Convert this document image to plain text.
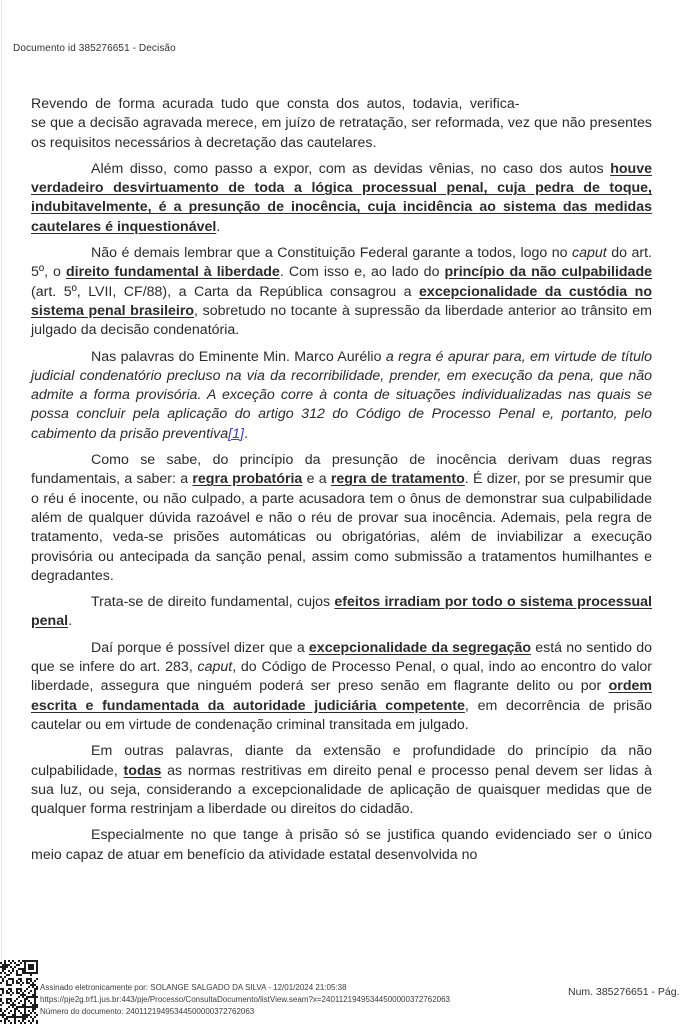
Documento id 385276651 - Decisão

Revendo de forma acurada tudo que consta dos autos, todavia, verifica-
se que a decisão agravada merece, em juízo de retratação, ser reformada, vez que não presentes os requisitos necessários à decretação das cautelares.

Além disso, como passo a expor, com as devidas vênias, no caso dos autos houve verdadeiro desvirtuamento de toda a lógica processual penal, cuja pedra de toque, indubitavelmente, é a presunção de inocência, cuja incidência ao sistema das medidas cautelares é inquestionável.

Não é demais lembrar que a Constituição Federal garante a todos, logo no caput do art. 5º, o direito fundamental à liberdade. Com isso e, ao lado do princípio da não culpabilidade (art. 5º, LVII, CF/88), a Carta da República consagrou a excepcionalidade da custódia no sistema penal brasileiro, sobretudo no tocante à supressão da liberdade anterior ao trânsito em julgado da decisão condenatória.

Nas palavras do Eminente Min. Marco Aurélio a regra é apurar para, em virtude de título judicial condenatório precluso na via da recorribilidade, prender, em execução da pena, que não admite a forma provisória. A exceção corre à conta de situações individualizadas nas quais se possa concluir pela aplicação do artigo 312 do Código de Processo Penal e, portanto, pelo cabimento da prisão preventiva[1].

Como se sabe, do princípio da presunção de inocência derivam duas regras fundamentais, a saber: a regra probatória e a regra de tratamento. É dizer, por se presumir que o réu é inocente, ou não culpado, a parte acusadora tem o ônus de demonstrar sua culpabilidade além de qualquer dúvida razoável e não o réu de provar sua inocência. Ademais, pela regra de tratamento, veda-se prisões automáticas ou obrigatórias, além de inviabilizar a execução provisória ou antecipada da sanção penal, assim como submissão a tratamentos humilhantes e degradantes.

Trata-se de direito fundamental, cujos efeitos irradiam por todo o sistema processual penal.

Daí porque é possível dizer que a excepcionalidade da segregação está no sentido do que se infere do art. 283, caput, do Código de Processo Penal, o qual, indo ao encontro do valor liberdade, assegura que ninguém poderá ser preso senão em flagrante delito ou por ordem escrita e fundamentada da autoridade judiciária competente, em decorrência de prisão cautelar ou em virtude de condenação criminal transitada em julgado.

Em outras palavras, diante da extensão e profundidade do princípio da não culpabilidade, todas as normas restritivas em direito penal e processo penal devem ser lidas à sua luz, ou seja, considerando a excepcionalidade de aplicação de quaisquer medidas que de qualquer forma restrinjam a liberdade ou direitos do cidadão.

Especialmente no que tange à prisão só se justifica quando evidenciado ser o único meio capaz de atuar em benefício da atividade estatal desenvolvida no

Assinado eletronicamente por: SOLANGE SALGADO DA SILVA - 12/01/2024 21:05:38
https://pje2g.trf1.jus.br:443/pje/Processo/ConsultaDocumento/listView.seam?x=24011219495344500000372762063
Número do documento: 24011219495344500000372762063
Num. 385276651 - Pág.
